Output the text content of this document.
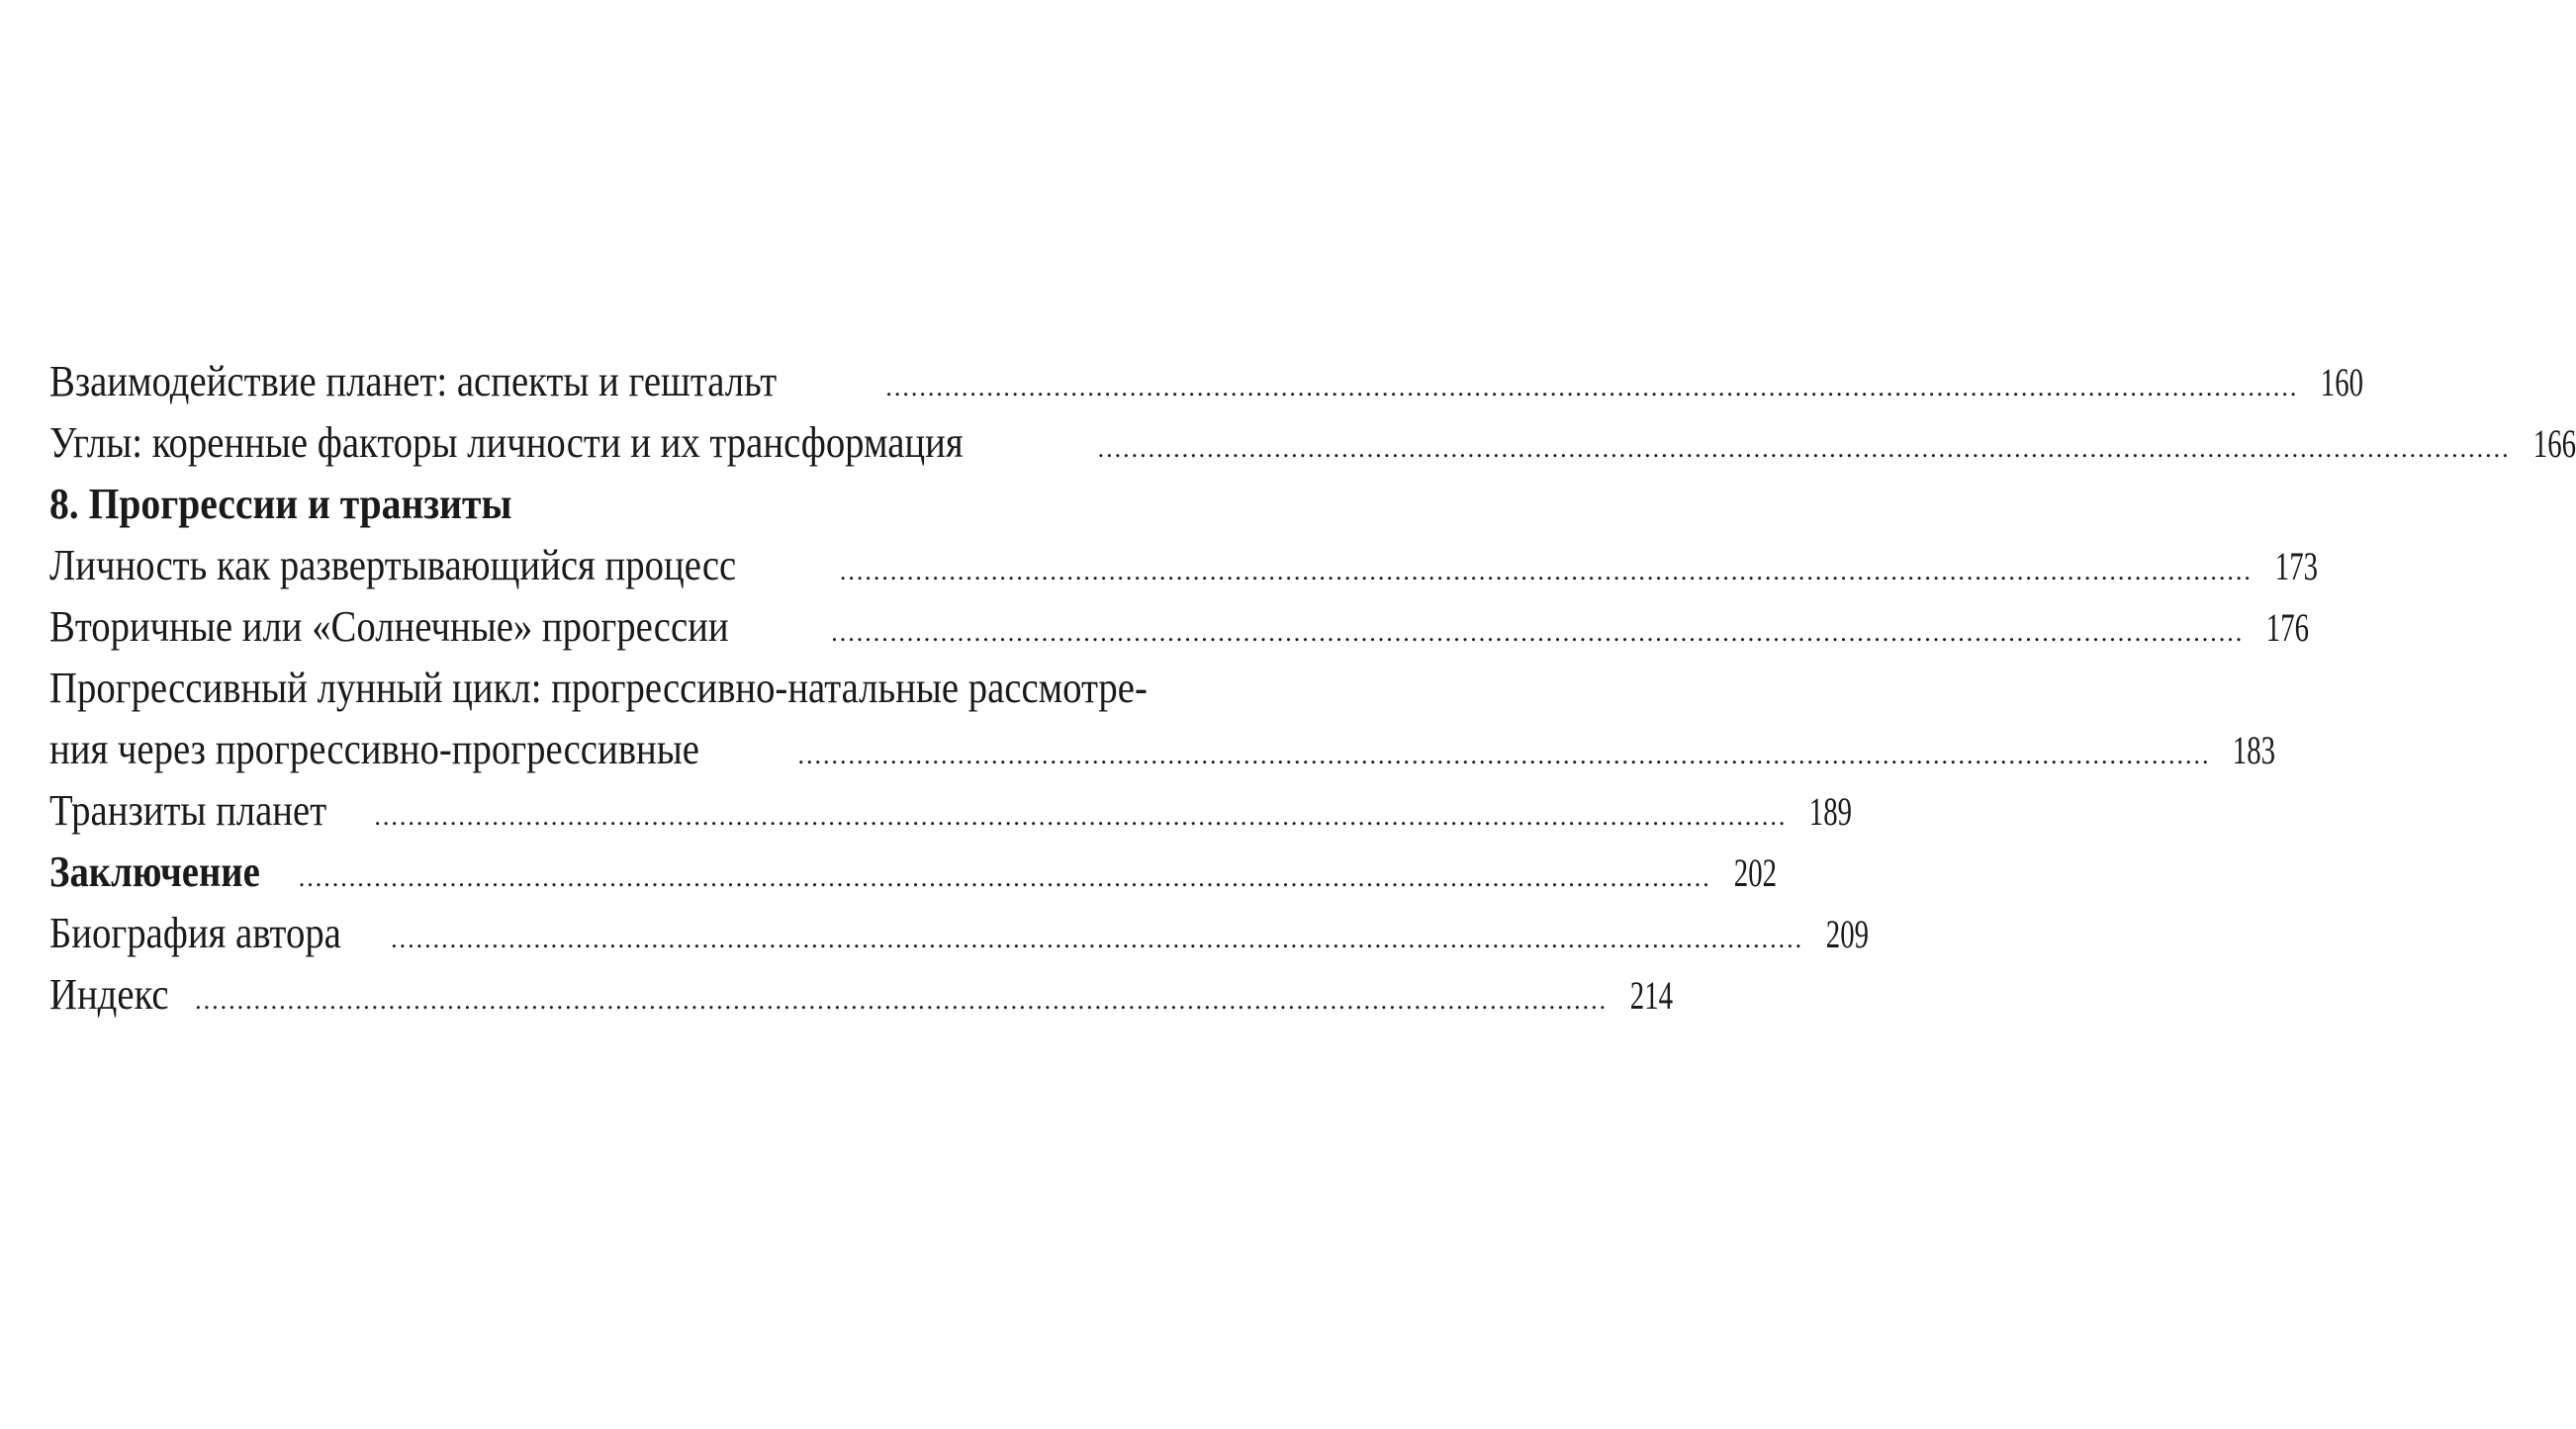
Взаимодействие планет: аспекты и гештальт	........................................................................................................................................................................ 160
Углы: коренные факторы личности и их трансформация	........................................................................................................................................................................ 166
8. Прогрессии и транзиты
Личность как развертывающийся процесс	........................................................................................................................................................................ 173
Вторичные или «Солнечные» прогрессии	........................................................................................................................................................................ 176
Прогрессивный лунный цикл: прогрессивно-натальные рассмотре-
ния через прогрессивно-прогрессивные	........................................................................................................................................................................ 183
Транзиты планет ........................................................................................................................................................................ 189
Заключение ........................................................................................................................................................................ 202
Биография автора ........................................................................................................................................................................ 209
Индекс ........................................................................................................................................................................ 214
